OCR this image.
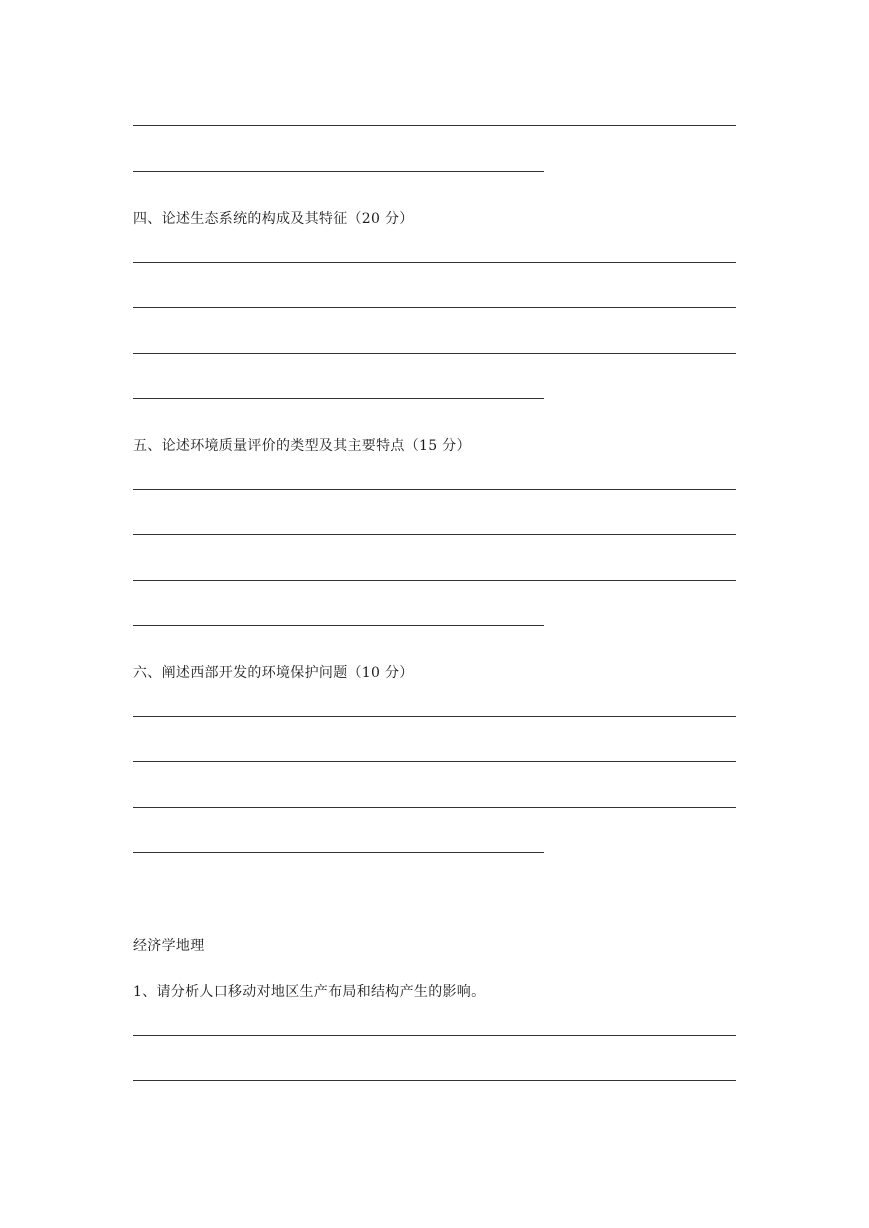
四、论述生态系统的构成及其特征（20 分）
五、论述环境质量评价的类型及其主要特点（15 分）
六、阐述西部开发的环境保护问题（10 分）
经济学地理
1、请分析人口移动对地区生产布局和结构产生的影响。
